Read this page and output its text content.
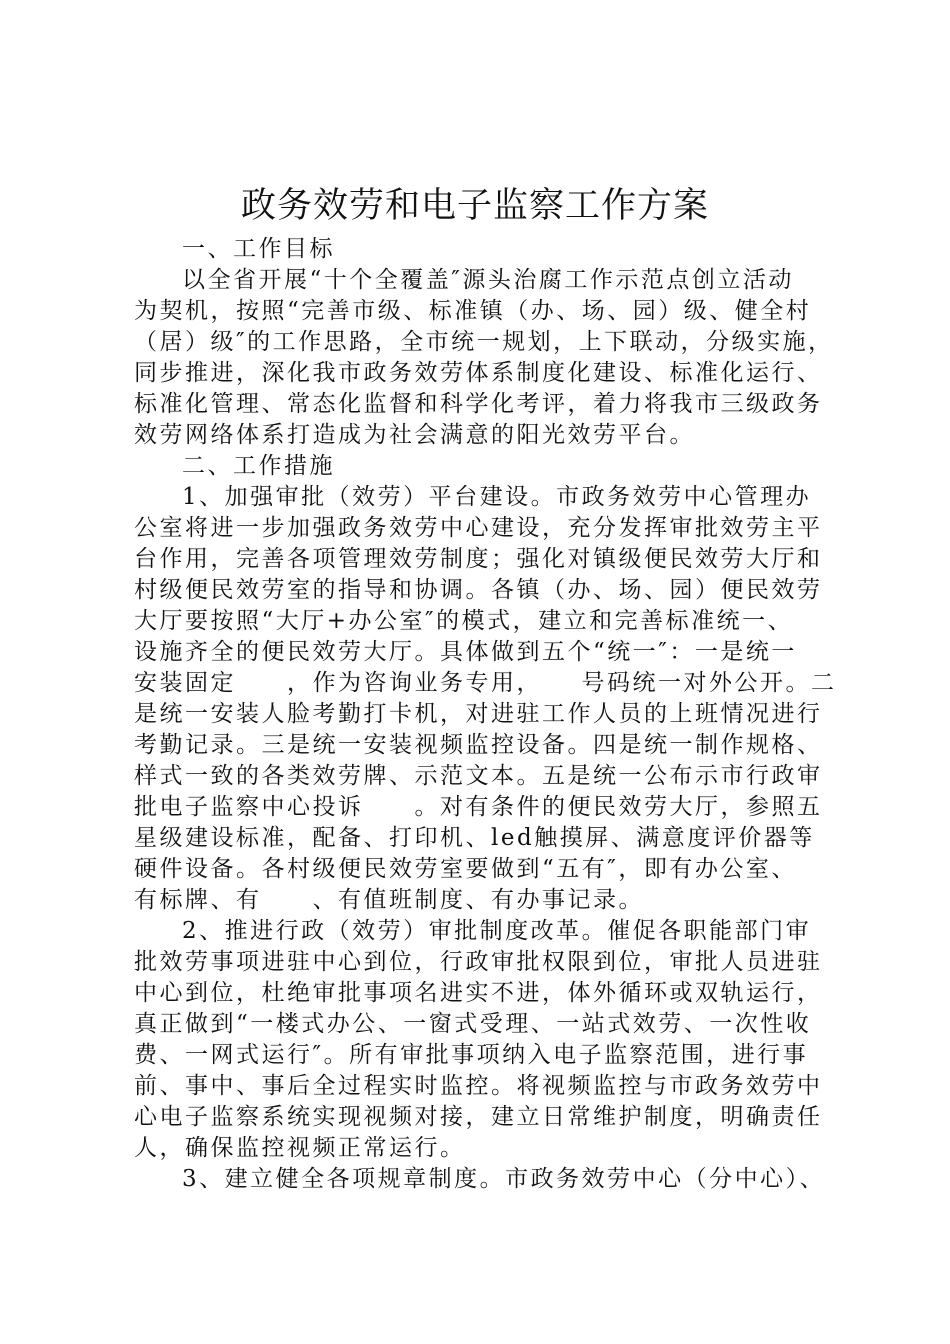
政务效劳和电子监察工作方案
一、工作目标
以全省开展“十个全覆盖″源头治腐工作示范点创立活动
为契机，按照“完善市级、标准镇（办、场、园）级、健全村
（居）级″的工作思路，全市统一规划，上下联动，分级实施，
同步推进，深化我市政务效劳体系制度化建设、标准化运行、
标准化管理、常态化监督和科学化考评，着力将我市三级政务
效劳网络体系打造成为社会满意的阳光效劳平台。
二、工作措施
1、加强审批（效劳）平台建设。市政务效劳中心管理办
公室将进一步加强政务效劳中心建设，充分发挥审批效劳主平
台作用，完善各项管理效劳制度；强化对镇级便民效劳大厅和
村级便民效劳室的指导和协调。各镇（办、场、园）便民效劳
大厅要按照“大厅+办公室″的模式，建立和完善标准统一、
设施齐全的便民效劳大厅。具体做到五个“统一″：一是统一
安装固定　　，作为咨询业务专用，　　号码统一对外公开。二
是统一安装人脸考勤打卡机，对进驻工作人员的上班情况进行
考勤记录。三是统一安装视频监控设备。四是统一制作规格、
样式一致的各类效劳牌、示范文本。五是统一公布示市行政审
批电子监察中心投诉　　。对有条件的便民效劳大厅，参照五
星级建设标准，配备、打印机、led触摸屏、满意度评价器等
硬件设备。各村级便民效劳室要做到“五有″，即有办公室、
有标牌、有　　、有值班制度、有办事记录。
2、推进行政（效劳）审批制度改革。催促各职能部门审
批效劳事项进驻中心到位，行政审批权限到位，审批人员进驻
中心到位，杜绝审批事项名进实不进，体外循环或双轨运行，
真正做到“一楼式办公、一窗式受理、一站式效劳、一次性收
费、一网式运行″。所有审批事项纳入电子监察范围，进行事
前、事中、事后全过程实时监控。将视频监控与市政务效劳中
心电子监察系统实现视频对接，建立日常维护制度，明确责任
人，确保监控视频正常运行。
3、建立健全各项规章制度。市政务效劳中心（分中心）、
